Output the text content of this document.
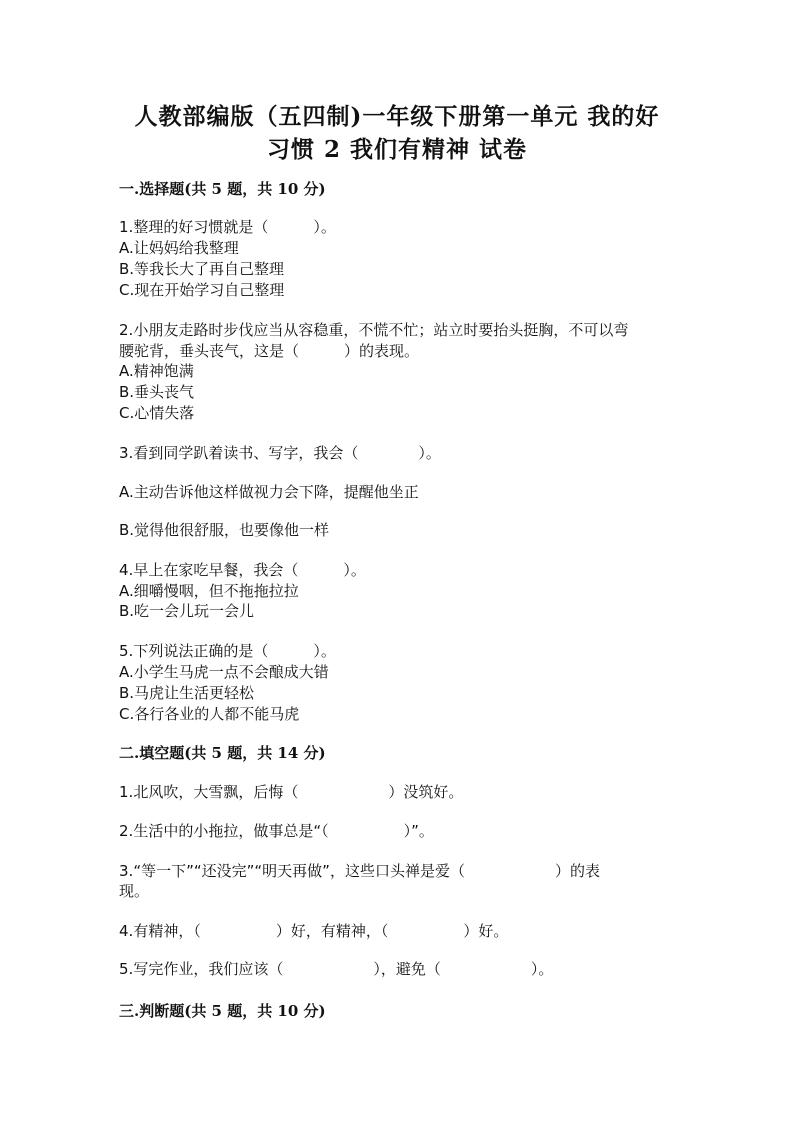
人教部编版（五四制)一年级下册第一单元 我的好
习惯 2 我们有精神 试卷
一.选择题(共 5 题，共 10 分)
1.整理的好习惯就是（　　　）。
A.让妈妈给我整理
B.等我长大了再自己整理
C.现在开始学习自己整理
2.小朋友走路时步伐应当从容稳重，不慌不忙；站立时要抬头挺胸，不可以弯
腰驼背，垂头丧气，这是（　　　）的表现。
A.精神饱满
B.垂头丧气
C.心情失落
3.看到同学趴着读书、写字，我会（　　　　）。
A.主动告诉他这样做视力会下降，提醒他坐正
B.觉得他很舒服，也要像他一样
4.早上在家吃早餐，我会（　　　）。
A.细嚼慢咽，但不拖拖拉拉
B.吃一会儿玩一会儿
5.下列说法正确的是（　　　）。
A.小学生马虎一点不会酿成大错
B.马虎让生活更轻松
C.各行各业的人都不能马虎
二.填空题(共 5 题，共 14 分)
1.北风吹，大雪飘，后悔（　　　　　　）没筑好。
2.生活中的小拖拉，做事总是“（　　　　　）”。
3.“等一下”“还没完”“明天再做”，这些口头禅是爱（　　　　　　）的表
现。
4.有精神，（　　　　　）好，有精神，（　　　　　）好。
5.写完作业，我们应该（　　　　　　），避免（　　　　　　）。
三.判断题(共 5 题，共 10 分)
